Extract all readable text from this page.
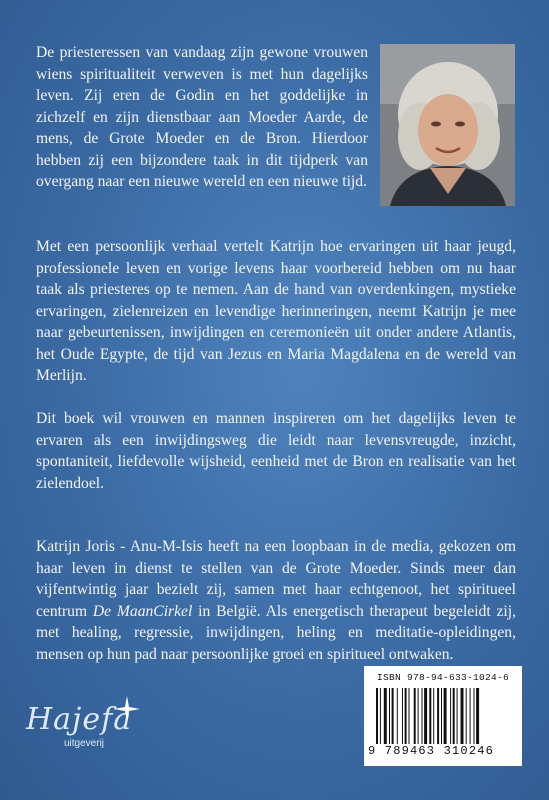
De priesteressen van vandaag zijn gewone vrouwen wiens spiritualiteit verweven is met hun dagelijks leven. Zij eren de Godin en het goddelijke in zichzelf en zijn dienstbaar aan Moeder Aarde, de mens, de Grote Moeder en de Bron. Hierdoor hebben zij een bijzondere taak in dit tijdperk van overgang naar een nieuwe wereld en een nieuwe tijd.

Met een persoonlijk verhaal vertelt Katrijn hoe ervaringen uit haar jeugd, professionele leven en vorige levens haar voorbereid hebben om nu haar taak als priesteres op te nemen. Aan de hand van overdenkingen, mystieke ervaringen, zielenreizen en levendige herinneringen, neemt Katrijn je mee naar gebeurtenissen, inwijdingen en ceremonieën uit onder andere Atlantis, het Oude Egypte, de tijd van Jezus en Maria Magdalena en de wereld van Merlijn.

Dit boek wil vrouwen en mannen inspireren om het dagelijks leven te ervaren als een inwijdingsweg die leidt naar levensvreugde, inzicht, spontaniteit, liefdevolle wijsheid, eenheid met de Bron en realisatie van het zielendoel.

Katrijn Joris - Anu-M-Isis heeft na een loopbaan in de media, gekozen om haar leven in dienst te stellen van de Grote Moeder. Sinds meer dan vijfentwintig jaar bezielt zij, samen met haar echtgenoot, het spiritueel centrum De MaanCirkel in België. Als energetisch therapeut begeleidt zij, met healing, regressie, inwijdingen, heling en meditatie-opleidingen, mensen op hun pad naar persoonlijke groei en spiritueel ontwaken.

Hajefa
uitgeverij
ISBN 978-94-633-1024-6
9 789463 310246
